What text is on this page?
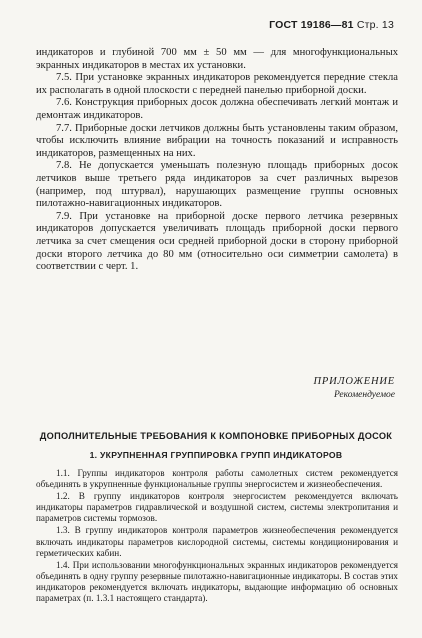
ГОСТ 19186—81 Стр. 13

индикаторов и глубиной 700 мм ± 50 мм — для многофункциональных экранных индикаторов в местах их установки.

7.5. При установке экранных индикаторов рекомендуется передние стекла их располагать в одной плоскости с передней панелью приборной доски.

7.6. Конструкция приборных досок должна обеспечивать легкий монтаж и демонтаж индикаторов.

7.7. Приборные доски летчиков должны быть установлены таким образом, чтобы исключить влияние вибрации на точность показаний и исправность индикаторов, размещенных на них.

7.8. Не допускается уменьшать полезную площадь приборных досок летчиков выше третьего ряда индикаторов за счет различных вырезов (например, под штурвал), нарушающих размещение группы основных пилотажно-навигационных индикаторов.

7.9. При установке на приборной доске первого летчика резервных индикаторов допускается увеличивать площадь приборной доски первого летчика за счет смещения оси средней приборной доски в сторону приборной доски второго летчика до 80 мм (относительно оси симметрии самолета) в соответствии с черт. 1.

ПРИЛОЖЕНИЕ
Рекомендуемое
ДОПОЛНИТЕЛЬНЫЕ ТРЕБОВАНИЯ К КОМПОНОВКЕ ПРИБОРНЫХ ДОСОК
1. УКРУПНЕННАЯ ГРУППИРОВКА ГРУПП ИНДИКАТОРОВ

1.1. Группы индикаторов контроля работы самолетных систем рекомендуется объединять в укрупненные функциональные группы энергосистем и жизнеобеспечения.

1.2. В группу индикаторов контроля энергосистем рекомендуется включать индикаторы параметров гидравлической и воздушной систем, системы электропитания и параметров системы тормозов.

1.3. В группу индикаторов контроля параметров жизнеобеспечения рекомендуется включать индикаторы параметров кислородной системы, системы кондиционирования и герметических кабин.

1.4. При использовании многофункциональных экранных индикаторов рекомендуется объединять в одну группу резервные пилотажно-навигационные индикаторы. В состав этих индикаторов рекомендуется включать индикаторы, выдающие информацию об основных параметрах (п. 1.3.1 настоящего стандарта).
